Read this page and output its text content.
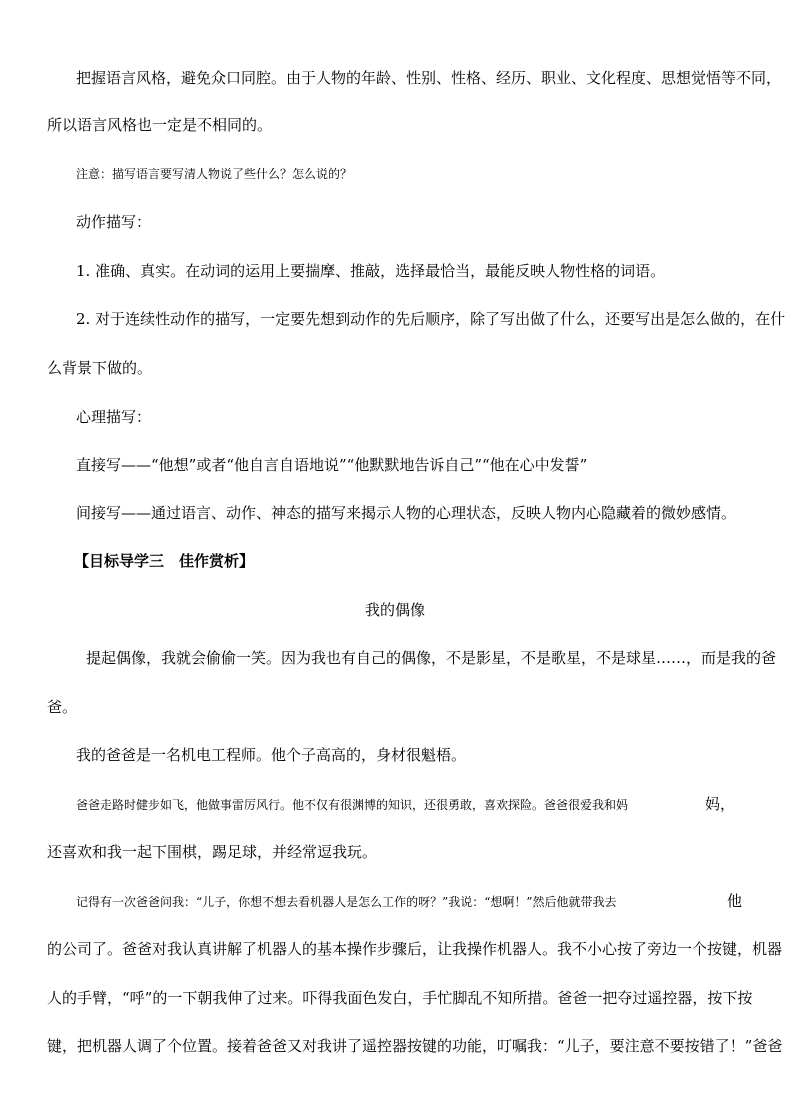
把握语言风格，避免众口同腔。由于人物的年龄、性别、性格、经历、职业、文化程度、思想觉悟等不同，

所以语言风格也一定是不相同的。

注意：描写语言要写清人物说了些什么？怎么说的？

动作描写：

1. 准确、真实。在动词的运用上要揣摩、推敲，选择最恰当，最能反映人物性格的词语。

2. 对于连续性动作的描写，一定要先想到动作的先后顺序，除了写出做了什么，还要写出是怎么做的，在什

么背景下做的。

心理描写：

直接写——“他想”或者“他自言自语地说”“他默默地告诉自己”“他在心中发誓”

间接写——通过语言、动作、神态的描写来揭示人物的心理状态，反映人物内心隐藏着的微妙感情。

【目标导学三　佳作赏析】

我的偶像

提起偶像，我就会偷偷一笑。因为我也有自己的偶像，不是影星，不是歌星，不是球星……，而是我的爸

爸。

我的爸爸是一名机电工程师。他个子高高的，身材很魁梧。

爸爸走路时健步如飞，他做事雷厉风行。他不仅有很渊博的知识，还很勇敢，喜欢探险。爸爸很爱我和妈	妈，

还喜欢和我一起下围棋，踢足球，并经常逗我玩。

记得有一次爸爸问我：“儿子，你想不想去看机器人是怎么工作的呀？”我说：“想啊！”然后他就带我去	他

的公司了。爸爸对我认真讲解了机器人的基本操作步骤后，让我操作机器人。我不小心按了旁边一个按键，机器

人的手臂，“呼”的一下朝我伸了过来。吓得我面色发白，手忙脚乱不知所措。爸爸一把夺过遥控器，按下按

键，把机器人调了个位置。接着爸爸又对我讲了遥控器按键的功能，叮嘱我：“儿子，要注意不要按错了！”爸爸
